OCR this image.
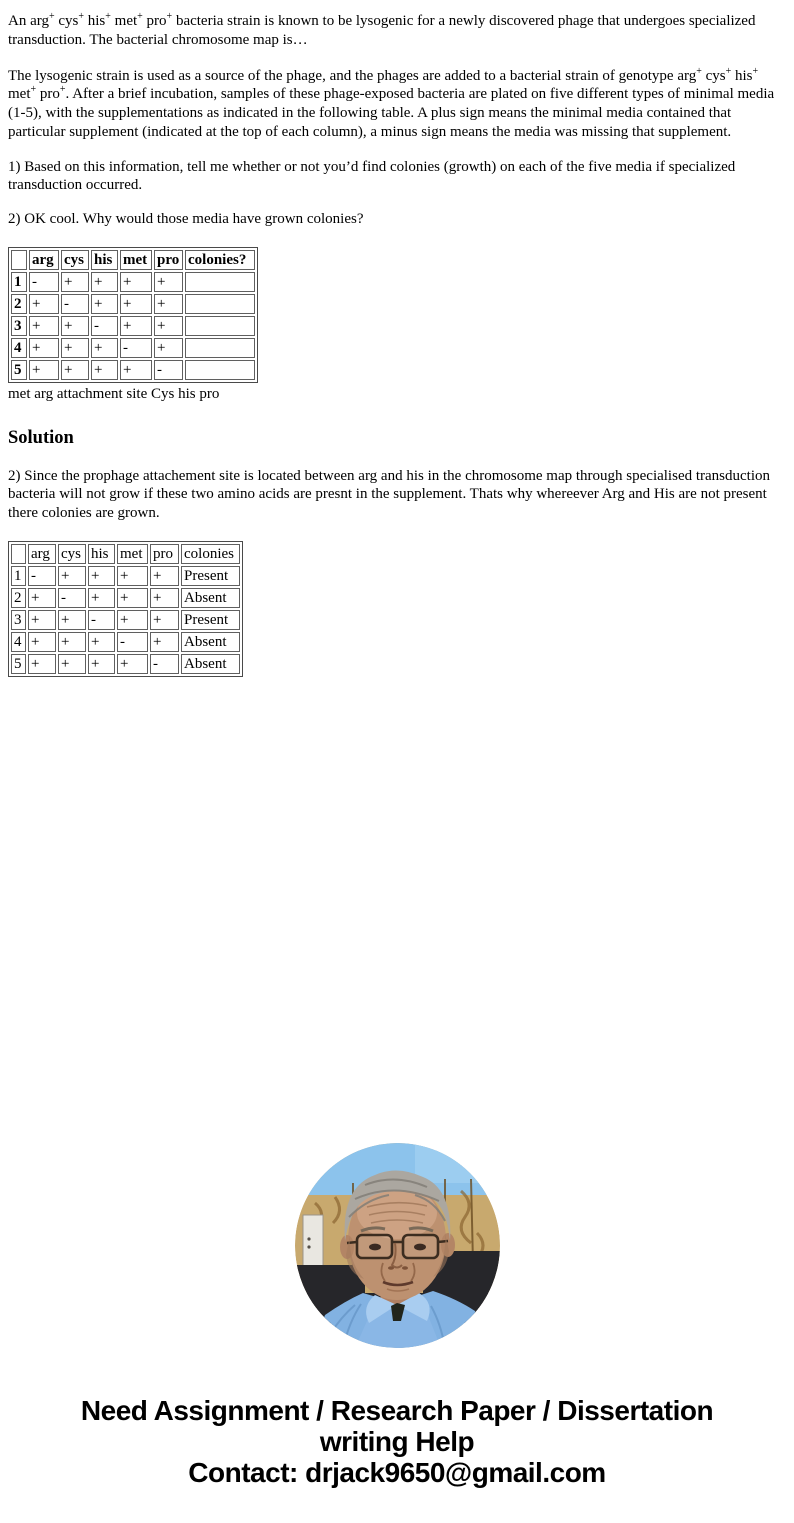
An arg+ cys+ his+ met+ pro+ bacteria strain is known to be lysogenic for a newly discovered phage that undergoes specialized transduction. The bacterial chromosome map is…

The lysogenic strain is used as a source of the phage, and the phages are added to a bacterial strain of genotype arg+ cys+ his+ met+ pro+. After a brief incubation, samples of these phage-exposed bacteria are plated on five different types of minimal media (1-5), with the supplementations as indicated in the following table. A plus sign means the minimal media contained that particular supplement (indicated at the top of each column), a minus sign means the media was missing that supplement.

1) Based on this information, tell me whether or not you’d find colonies (growth) on each of the five media if specialized transduction occurred.

2) OK cool. Why would those media have grown colonies?

	arg	cys	his	met	pro	colonies?
1	-	+	+	+	+	
2	+	-	+	+	+	
3	+	+	-	+	+	
4	+	+	+	-	+	
5	+	+	+	+	-	

met arg attachment site Cys his pro

Solution

2) Since the prophage attachement site is located between arg and his in the chromosome map through specialised transduction bacteria will not grow if these two amino acids are presnt in the supplement. Thats why whereever Arg and His are not present there colonies are grown.

	arg	cys	his	met	pro	colonies
1	-	+	+	+	+	Present
2	+	-	+	+	+	Absent
3	+	+	-	+	+	Present
4	+	+	+	-	+	Absent
5	+	+	+	+	-	Absent
Need Assignment / Research Paper / Dissertation
writing Help
Contact: drjack9650@gmail.com
